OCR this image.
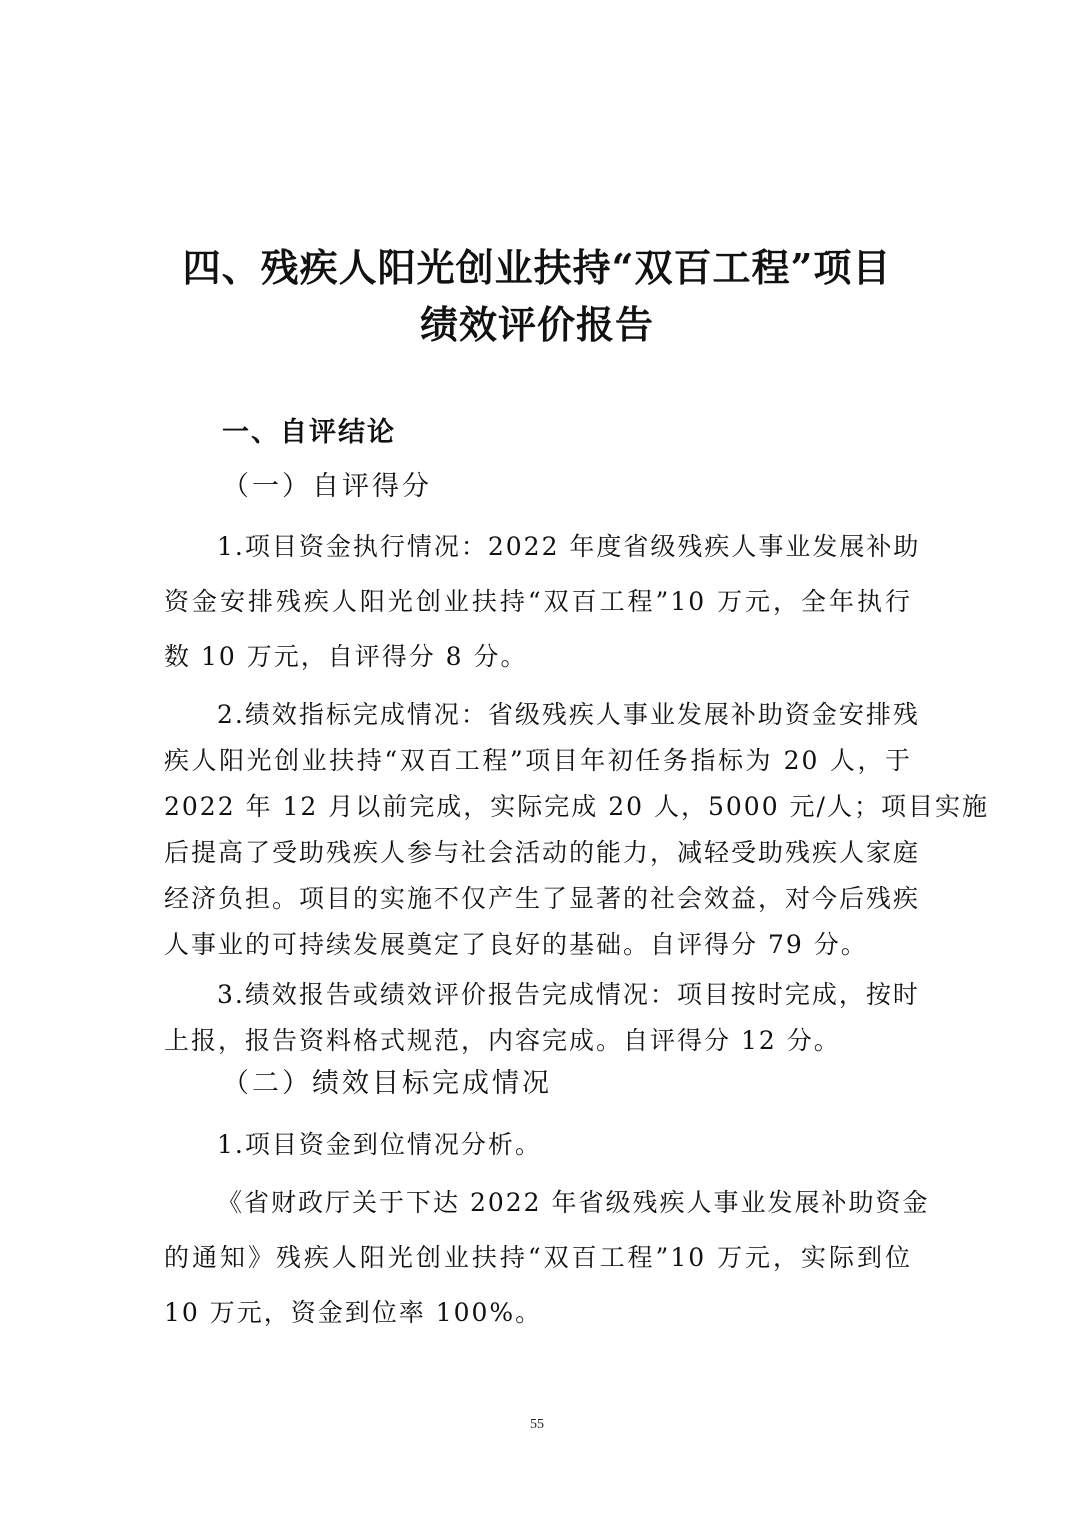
四、残疾人阳光创业扶持“双百工程”项目
绩效评价报告
一、自评结论
（一）自评得分
1.项目资金执行情况：2022 年度省级残疾人事业发展补助
资金安排残疾人阳光创业扶持“双百工程”10 万元，全年执行
数 10 万元，自评得分 8 分。
2.绩效指标完成情况：省级残疾人事业发展补助资金安排残
疾人阳光创业扶持“双百工程”项目年初任务指标为 20 人，于
2022 年 12 月以前完成，实际完成 20 人，5000 元/人；项目实施
后提高了受助残疾人参与社会活动的能力，减轻受助残疾人家庭
经济负担。项目的实施不仅产生了显著的社会效益，对今后残疾
人事业的可持续发展奠定了良好的基础。自评得分 79 分。
3.绩效报告或绩效评价报告完成情况：项目按时完成，按时
上报，报告资料格式规范，内容完成。自评得分 12 分。
（二）绩效目标完成情况
1.项目资金到位情况分析。
《省财政厅关于下达 2022 年省级残疾人事业发展补助资金
的通知》残疾人阳光创业扶持“双百工程”10 万元，实际到位
10 万元，资金到位率 100%。
55
